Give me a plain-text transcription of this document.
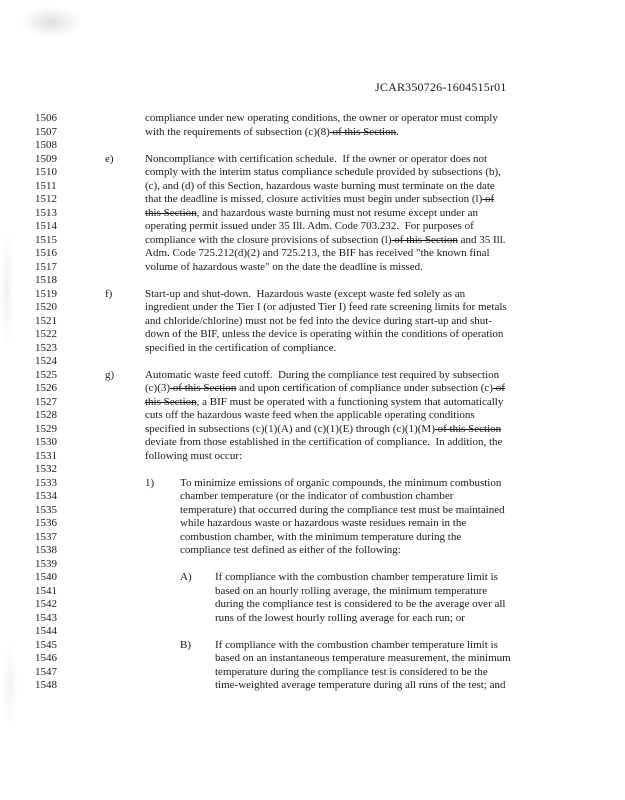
JCAR350726-1604515r01
1506	compliance under new operating conditions, the owner or operator must comply
1507	with the requirements of subsection (c)(8) of this Section.
1508
1509	e)	Noncompliance with certification schedule.  If the owner or operator does not
1510	comply with the interim status compliance schedule provided by subsections (b),
1511	(c), and (d) of this Section, hazardous waste burning must terminate on the date
1512	that the deadline is missed, closure activities must begin under subsection (l) of
1513	this Section, and hazardous waste burning must not resume except under an
1514	operating permit issued under 35 Ill. Adm. Code 703.232.  For purposes of
1515	compliance with the closure provisions of subsection (l) of this Section and 35 Ill.
1516	Adm. Code 725.212(d)(2) and 725.213, the BIF has received "the known final
1517	volume of hazardous waste" on the date the deadline is missed.
1518
1519	f)	Start-up and shut-down.  Hazardous waste (except waste fed solely as an
1520	ingredient under the Tier I (or adjusted Tier I) feed rate screening limits for metals
1521	and chloride/chlorine) must not be fed into the device during start-up and shut-
1522	down of the BIF, unless the device is operating within the conditions of operation
1523	specified in the certification of compliance.
1524
1525	g)	Automatic waste feed cutoff.  During the compliance test required by subsection
1526	(c)(3) of this Section and upon certification of compliance under subsection (c) of
1527	this Section, a BIF must be operated with a functioning system that automatically
1528	cuts off the hazardous waste feed when the applicable operating conditions
1529	specified in subsections (c)(1)(A) and (c)(1)(E) through (c)(1)(M) of this Section
1530	deviate from those established in the certification of compliance.  In addition, the
1531	following must occur:
1532
1533	1)	To minimize emissions of organic compounds, the minimum combustion
1534	chamber temperature (or the indicator of combustion chamber
1535	temperature) that occurred during the compliance test must be maintained
1536	while hazardous waste or hazardous waste residues remain in the
1537	combustion chamber, with the minimum temperature during the
1538	compliance test defined as either of the following:
1539
1540	A)	If compliance with the combustion chamber temperature limit is
1541	based on an hourly rolling average, the minimum temperature
1542	during the compliance test is considered to be the average over all
1543	runs of the lowest hourly rolling average for each run; or
1544
1545	B)	If compliance with the combustion chamber temperature limit is
1546	based on an instantaneous temperature measurement, the minimum
1547	temperature during the compliance test is considered to be the
1548	time-weighted average temperature during all runs of the test; and
